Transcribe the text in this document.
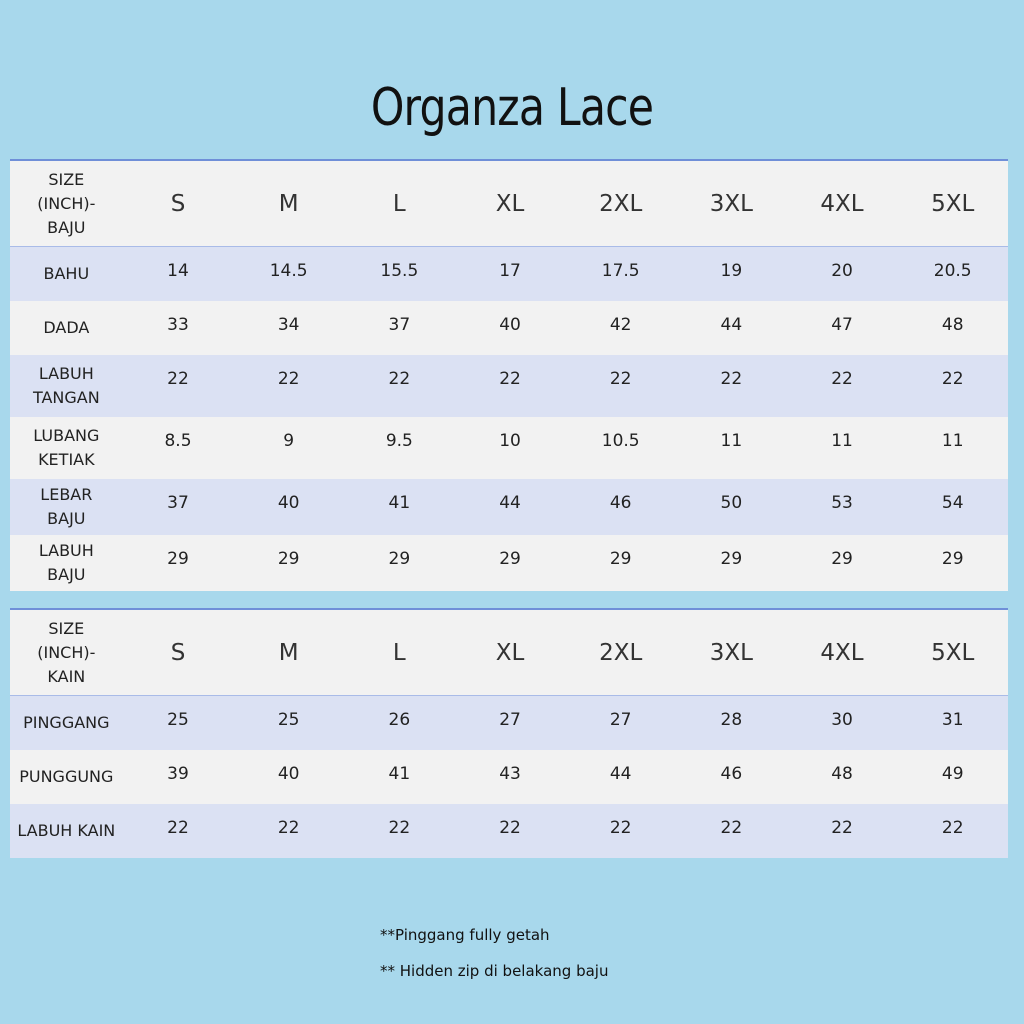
Organza Lace
SIZE
(INCH)-
BAJU
S	M	L	XL	2XL	3XL	4XL	5XL
BAHU	14	14.5	15.5	17	17.5	19	20	20.5
DADA	33	34	37	40	42	44	47	48
LABUH
TANGAN
22	22	22	22	22	22	22	22
LUBANG
KETIAK
8.5	9	9.5	10	10.5	11	11	11
LEBAR
BAJU
37	40	41	44	46	50	53	54
LABUH
BAJU
29	29	29	29	29	29	29	29
SIZE
(INCH)-
KAIN
S	M	L	XL	2XL	3XL	4XL	5XL
PINGGANG	25	25	26	27	27	28	30	31
PUNGGUNG	39	40	41	43	44	46	48	49
LABUH KAIN	22	22	22	22	22	22	22	22
**Pinggang fully getah
** Hidden zip di belakang baju
